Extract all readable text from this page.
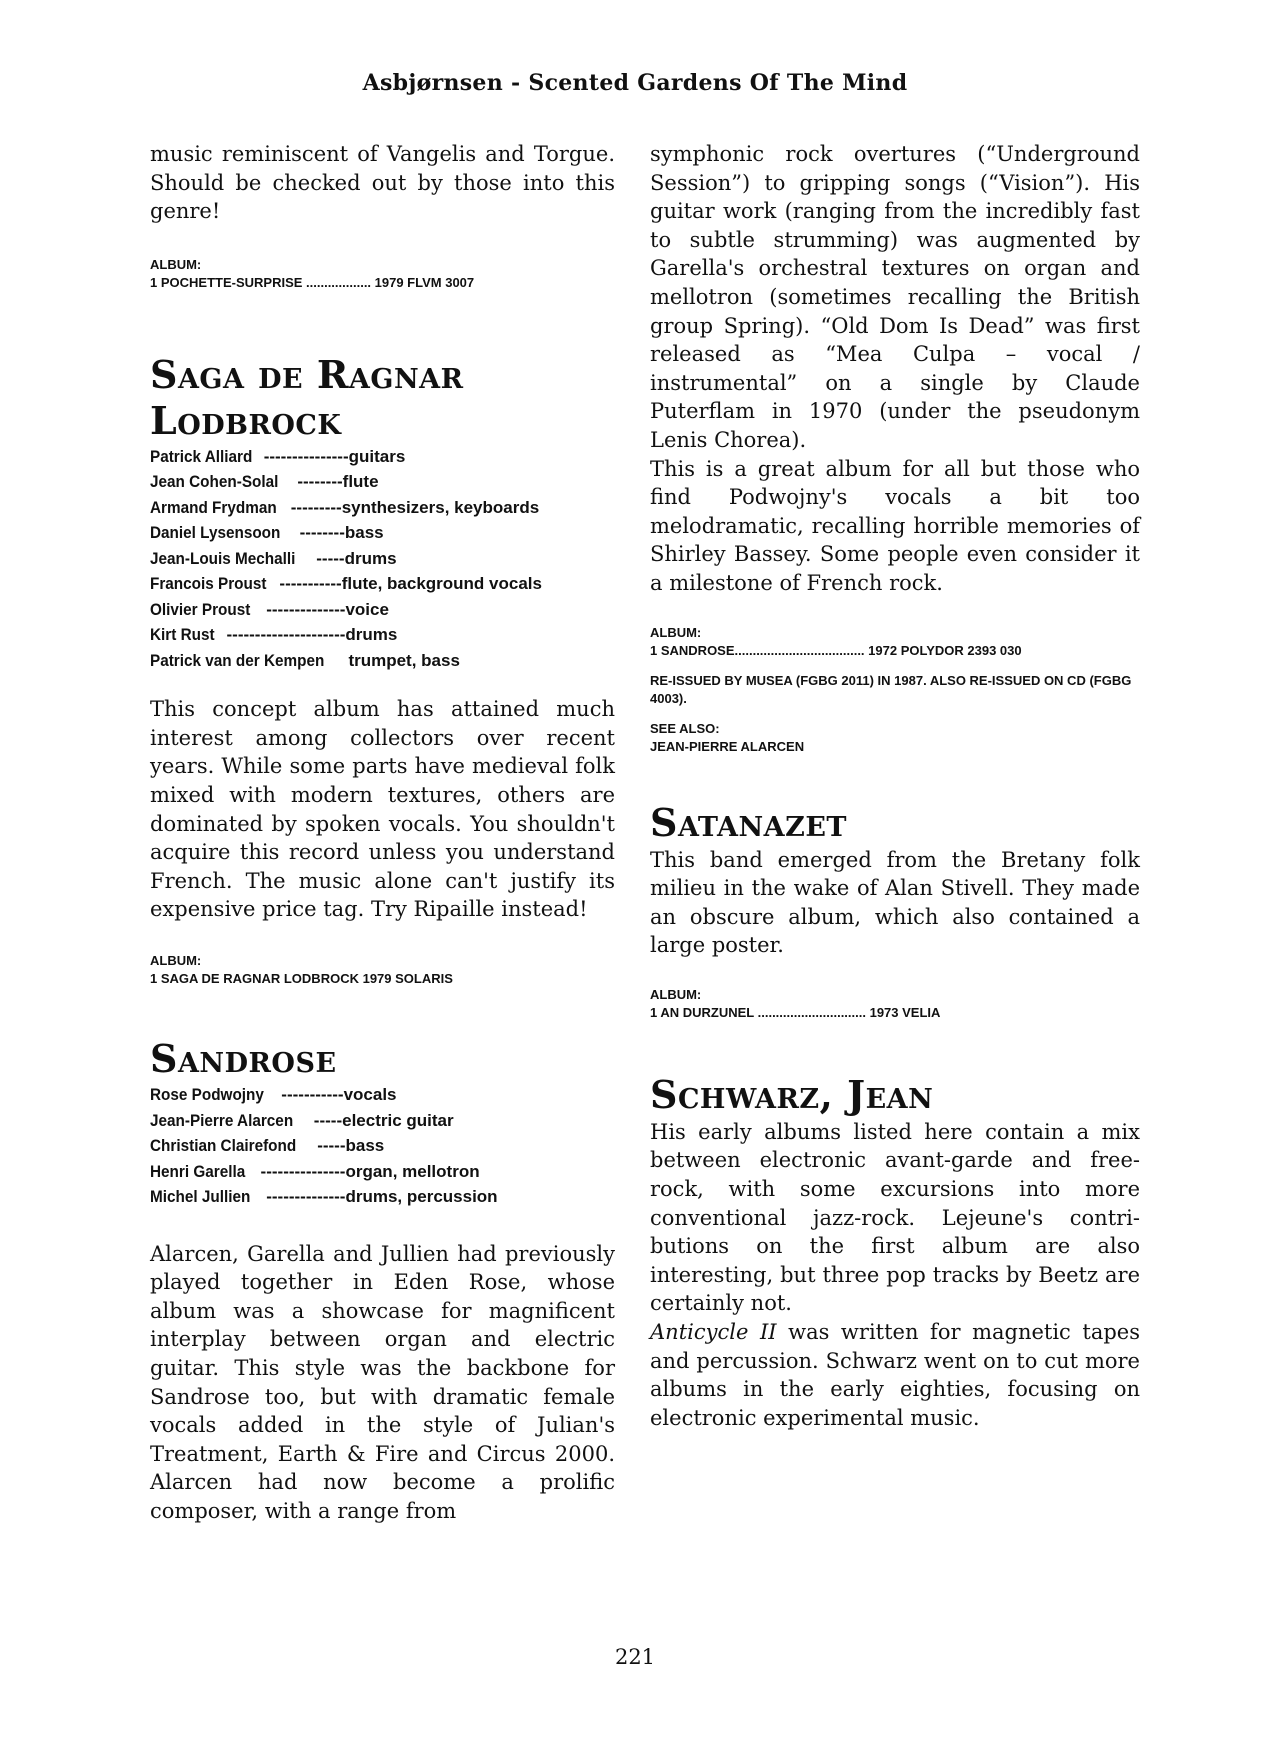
Asbjørnsen - Scented Gardens Of The Mind

music reminiscent of Vangelis and Torgue. Should be checked out by those into this genre!

ALBUM:

1 POCHETTE-SURPRISE .................. 1979 FLVM 3007

Saga de Ragnar

Lodbrock

Patrick Alliard ---------------guitars
Jean Cohen-Solal --------flute
Armand Frydman ---------synthesizers, keyboards
Daniel Lysensoon --------bass
Jean-Louis Mechalli -----drums
Francois Proust -----------flute, background vocals
Olivier Proust --------------voice
Kirt Rust ---------------------drums
Patrick van der Kempen trumpet, bass

This concept album has attained much interest among collectors over recent years. While some parts have medieval folk mixed with modern textures, others are dominated by spoken vocals. You shouldn't acquire this record unless you understand French. The music alone can't justify its expensive price tag. Try Ripaille instead!

ALBUM:

1 SAGA DE RAGNAR LODBROCK 1979 SOLARIS

Sandrose

Rose Podwojny -----------vocals
Jean-Pierre Alarcen -----electric guitar
Christian Clairefond -----bass
Henri Garella ---------------organ, mellotron
Michel Jullien --------------drums, percussion

Alarcen, Garella and Jullien had previously played together in Eden Rose, whose album was a showcase for magnificent interplay between organ and electric guitar. This style was the backbone for Sandrose too, but with dramatic female vocals added in the style of Julian's Treatment, Earth & Fire and Circus 2000. Alarcen had now become a prolific composer, with a range from

symphonic rock overtures (“Underground Session”) to gripping songs (“Vision”). His guitar work (ranging from the incredibly fast to subtle strumming) was augmented by Garella's orchestral textures on organ and mellotron (sometimes recalling the British group Spring). “Old Dom Is Dead” was first released as “Mea Culpa – vocal / instrumental” on a single by Claude Puterflam in 1970 (under the pseudonym Lenis Chorea).

This is a great album for all but those who find Podwojny's vocals a bit too melodramatic, recalling horrible memories of Shirley Bassey. Some people even consider it a milestone of French rock.

ALBUM:

1 SANDROSE.................................... 1972 POLYDOR 2393 030

RE-ISSUED BY MUSEA (FGBG 2011) IN 1987. ALSO RE-ISSUED ON CD (FGBG 4003).

SEE ALSO:

JEAN-PIERRE ALARCEN

Satanazet

This band emerged from the Bretany folk milieu in the wake of Alan Stivell. They made an obscure album, which also contained a large poster.

ALBUM:

1 AN DURZUNEL .............................. 1973 VELIA

Schwarz, Jean

His early albums listed here contain a mix between electronic avant-garde and free-rock, with some excursions into more conventional jazz-rock. Lejeune's contri-butions on the first album are also interesting, but three pop tracks by Beetz are certainly not.

Anticycle II was written for magnetic tapes and percussion. Schwarz went on to cut more albums in the early eighties, focusing on electronic experimental music.

221
